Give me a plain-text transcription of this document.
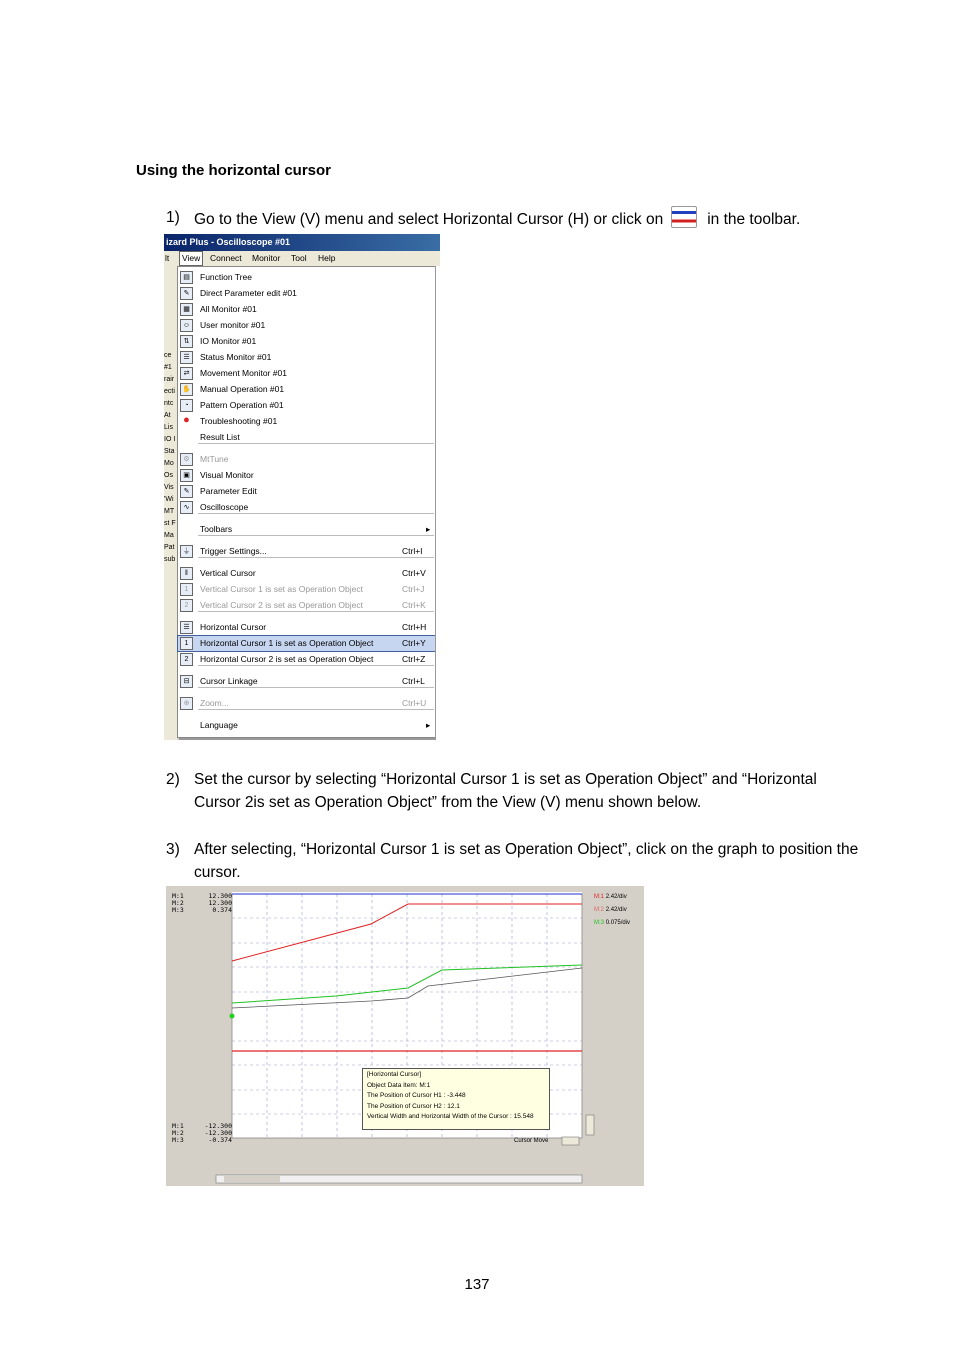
Using the horizontal cursor
1) Go to the View (V) menu and select Horizontal Cursor (H) or click on	in the toolbar.
izard Plus - Oscilloscope #01
lt	View	Connect Monitor Tool Help
ce
#1
rair
ecti
ntc
At
Lis
IO I
Sta
Mo
Os
Vis
'Wi
MT
st F
Ma
Pat
sub
▤	Function Tree
✎	Direct Parameter edit #01
▦	All Monitor #01
☺	User monitor #01
⇅	IO Monitor #01
☰	Status Monitor #01
⇄	Movement Monitor #01
✋ Manual Operation #01
◔	Pattern Operation #01
●	Troubleshooting #01
Result List
⚙	MtTune
▣	Visual Monitor
✎	Parameter Edit
∿	Oscilloscope
Toolbars	▸
⏚	Trigger Settings...	Ctrl+I
‖	Vertical Cursor	Ctrl+V
1	Vertical Cursor 1 is set as Operation Object	Ctrl+J
2	Vertical Cursor 2 is set as Operation Object	Ctrl+K
☰	Horizontal Cursor	Ctrl+H
1	Horizontal Cursor 1 is set as Operation Object	Ctrl+Y
2	Horizontal Cursor 2 is set as Operation Object	Ctrl+Z
⊟	Cursor Linkage	Ctrl+L
⊕	Zoom...	Ctrl+U
Language	▸
2) Set the cursor by selecting “Horizontal Cursor 1 is set as Operation Object” and “Horizontal
Cursor 2is set as Operation Object” from the View (V) menu shown below.
3) After selecting, “Horizontal Cursor 1 is set as Operation Object”, click on the graph to position the
cursor.
M:1
M:2
M:3
12.300
12.300
0.374
M:1
M:2
M:3
-12.300
-12.300
-0.374
M:1 2.42/div
M:2 2.42/div
M:3 0.075/div
Cursor Move
[Horizontal Cursor]
Object Data Item: M:1
The Position of Cursor H1 : -3.448
The Position of Cursor H2 : 12.1
Vertical Width and Horizontal Width of the Cursor : 15.548
137
